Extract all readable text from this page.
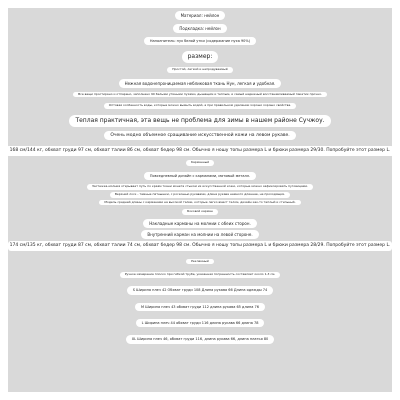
Материал: нейлон
Подкладка: нейлон
Наполнитель: пух белой утки (содержание пуха 90%)
размер:
Простой, легкий и непродуваемый
Нежная водонепроницаемая небликовая ткань Нун, легкая и удобная.
Все вещи простирано и отпарено, заполнено 90 белыми утиными пухами, дышащим и теплым, и самый надежный восстанавливаемый пакетик прочно.
Оптовая особенность воды, которые можно вымыть водой, а при правильном удалении хорошо хорошо свойства.
Теплая практичная, эта вещь не проблема для зимы в нашем районе Сучжоу.
Очень модно объемное сращивание искусственной кожи на левом рукаве.
168 см/144 кг, обхват груди 97 см, обхват талии 86 см, обхват бедер 98 см. Обычно я ношу топы размера L и брюки размера 29/30. Попробуйте этот размер L.
Карманный
Повседневный дизайн с карманами, матовый металл.
Застежка-молния открывает путь по краям ткани монета стыком из искусственной кожи, которые можно зафиксировать пуговицами.
Верхний лоск - темные пятнышки, с роскошью рукавами, длина рукава немного длиннее, не проходящих.
Модель средней длины с карманами на высокой талии, которые легко вмест телом, дизайн как-то теплый и стильный.
Боковой карман
Накладные карманы на молнии с обеих сторон.
Внутренний карман на молнии на левой стороне.
174 см/135 кг, обхват груди 87 см, обхват талии 74 см, обхват бедер 98 см. Обычно я ношу топы размера L и брюки размера 28/29. Попробуйте этот размер L.
Рекламный
Ручное измерение плоско при гибкой трубе, указанная погрешность составляет около 1-3 см.
S Ширина плеч 42 Обхват груди 108 Длина рукава 66 Длина одежды 74
M Ширина плеч 43 обхват груди 112 длина рукава 65 длина 76
L Ширина плеч 44 обхват груди 116 длина рукава 66 длина 78
XL Ширина плеч 46, обхват груди 116, длина рукава 66, длина платья 80
